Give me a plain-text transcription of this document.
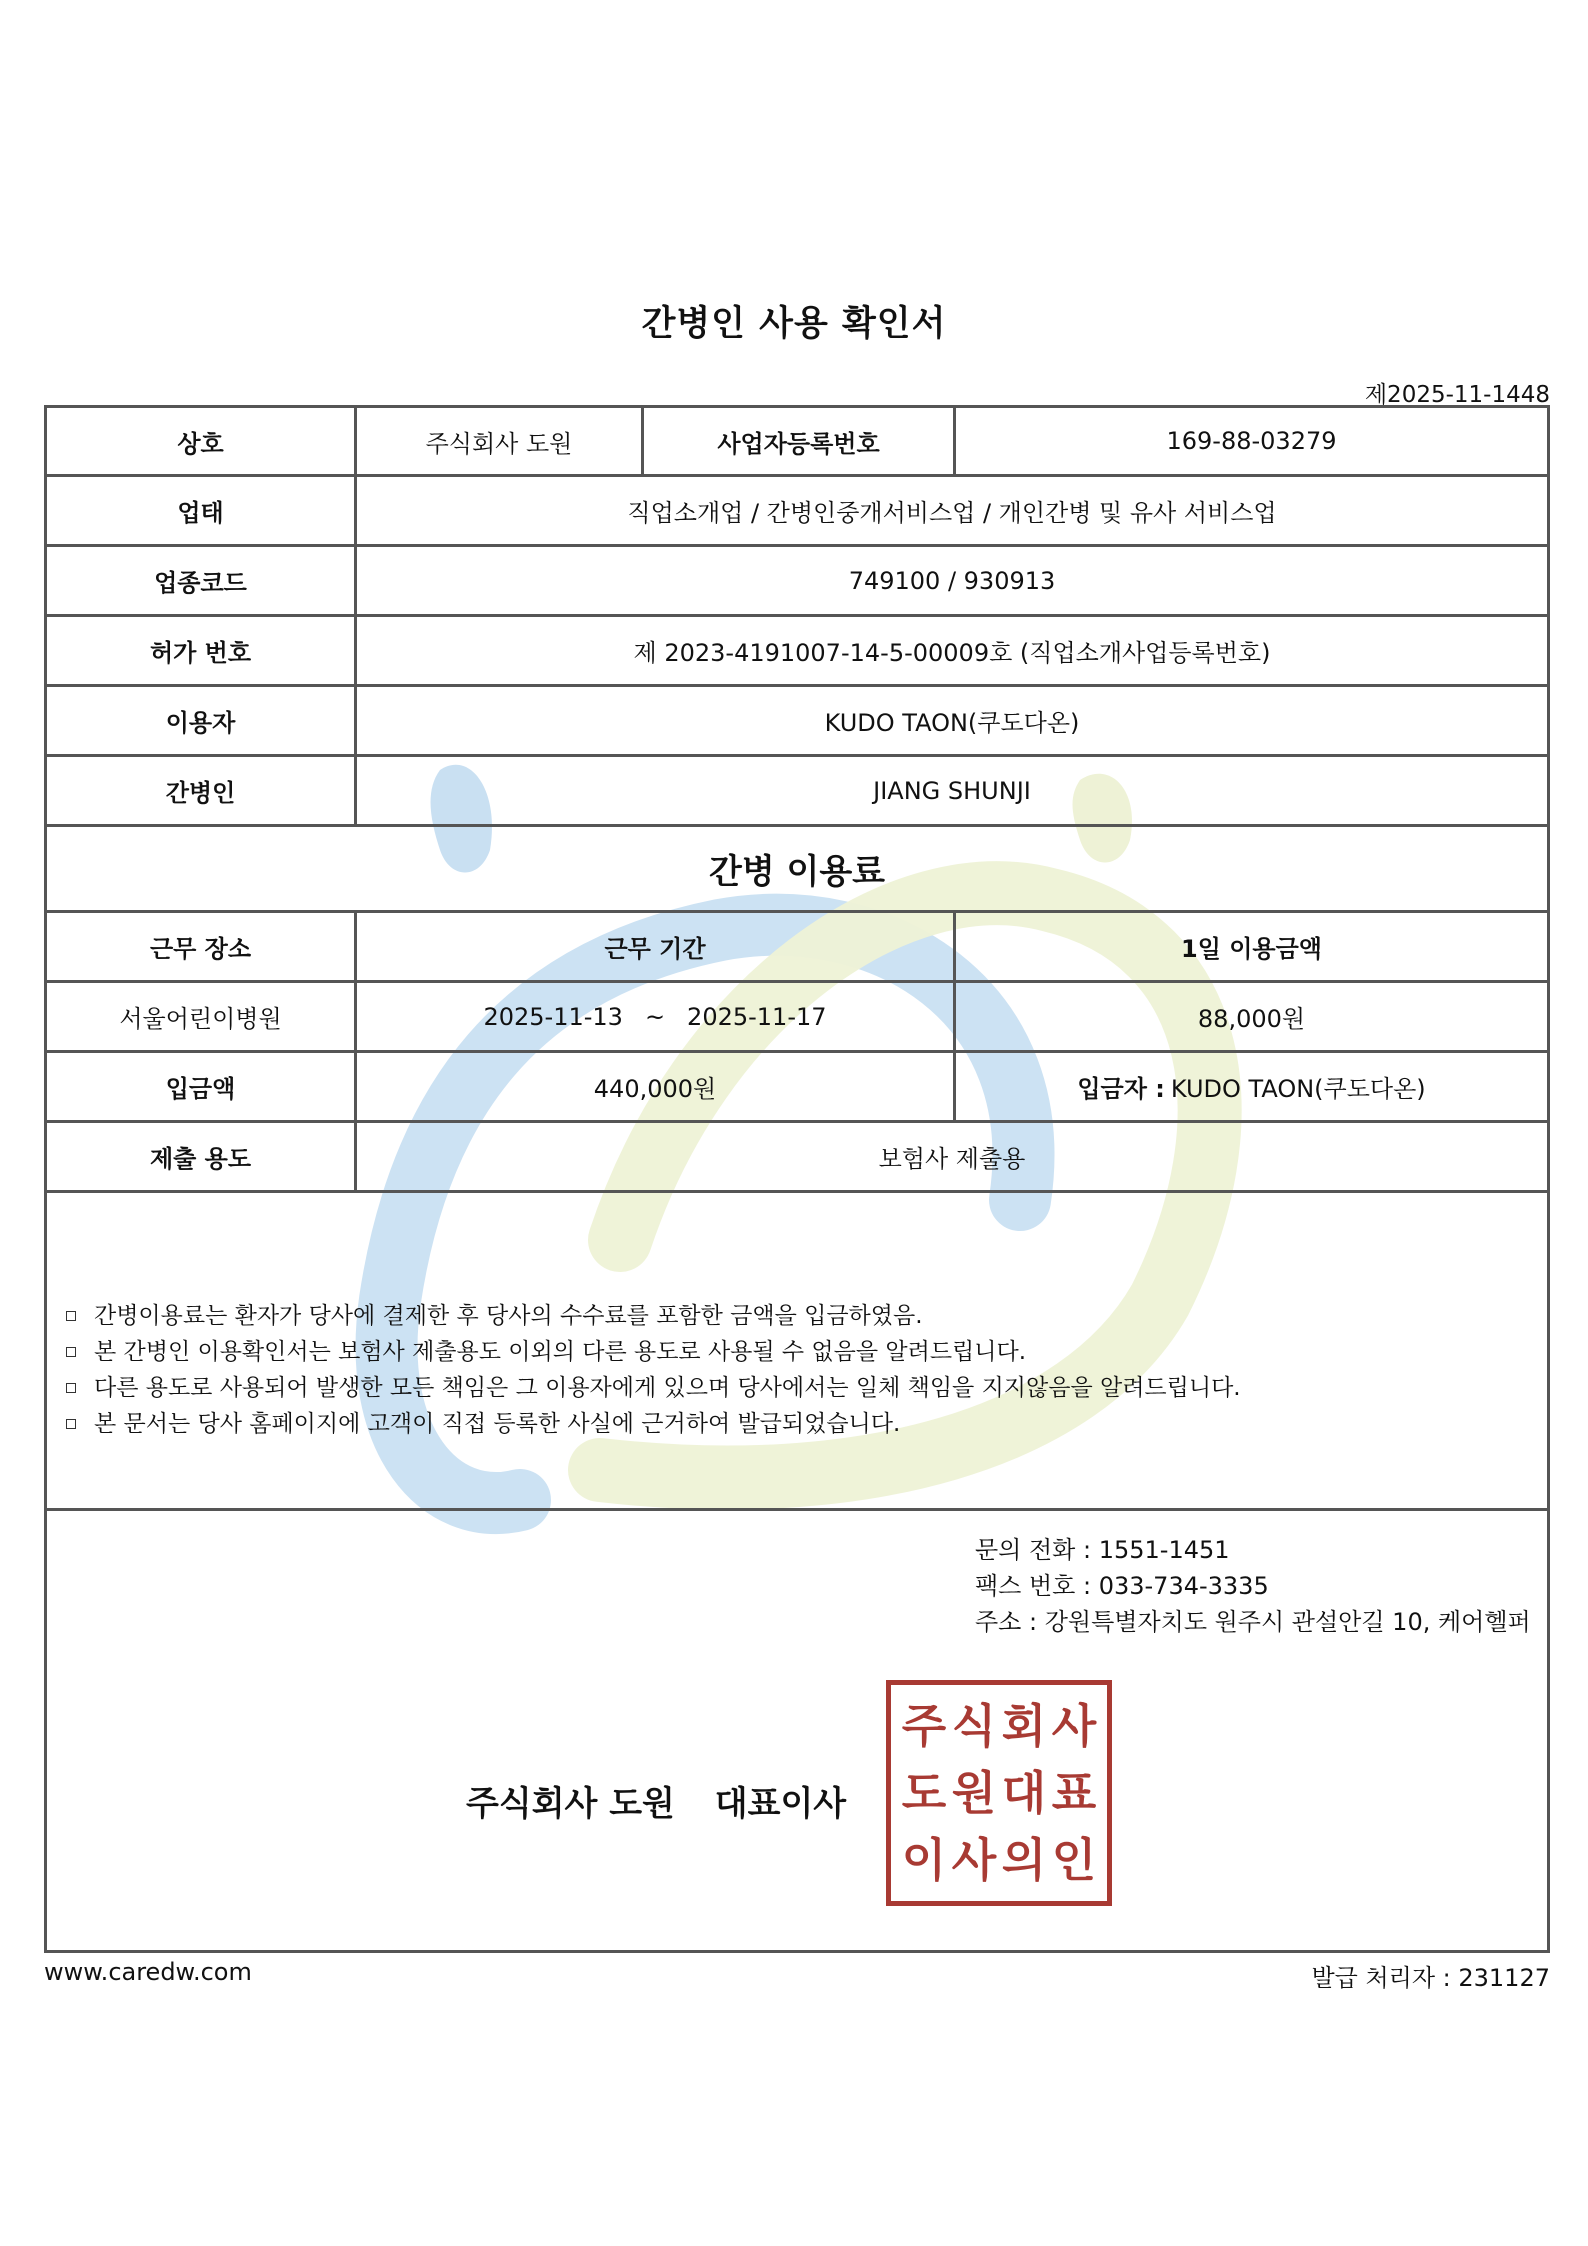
간병인 사용 확인서
제2025-11-1448
상호	주식회사 도원	사업자등록번호	169-88-03279
업태	직업소개업 / 간병인중개서비스업 / 개인간병 및 유사 서비스업
업종코드	749100 / 930913
허가 번호	제 2023-4191007-14-5-00009호 (직업소개사업등록번호)
이용자	KUDO TAON(쿠도다온)
간병인	JIANG SHUNJI
간병 이용료
근무 장소	근무 기간	1일 이용금액
서울어린이병원	2025-11-13 ~ 2025-11-17	88,000원
입금액	440,000원	입금자 : KUDO TAON(쿠도다온)
제출 용도	보험사 제출용
간병이용료는 환자가 당사에 결제한 후 당사의 수수료를 포함한 금액을 입금하였음.
본 간병인 이용확인서는 보험사 제출용도 이외의 다른 용도로 사용될 수 없음을 알려드립니다.
다른 용도로 사용되어 발생한 모든 책임은 그 이용자에게 있으며 당사에서는 일체 책임을 지지않음을 알려드립니다.
본 문서는 당사 홈페이지에 고객이 직접 등록한 사실에 근거하여 발급되었습니다.
문의 전화 : 1551-1451
팩스 번호 : 033-734-3335
주소 : 강원특별자치도 원주시 관설안길 10, 케어헬퍼
주식회사 도원 대표이사
주 식 회 사
도 원 대 표
이 사 의 인
www.caredw.com	발급 처리자 : 231127
